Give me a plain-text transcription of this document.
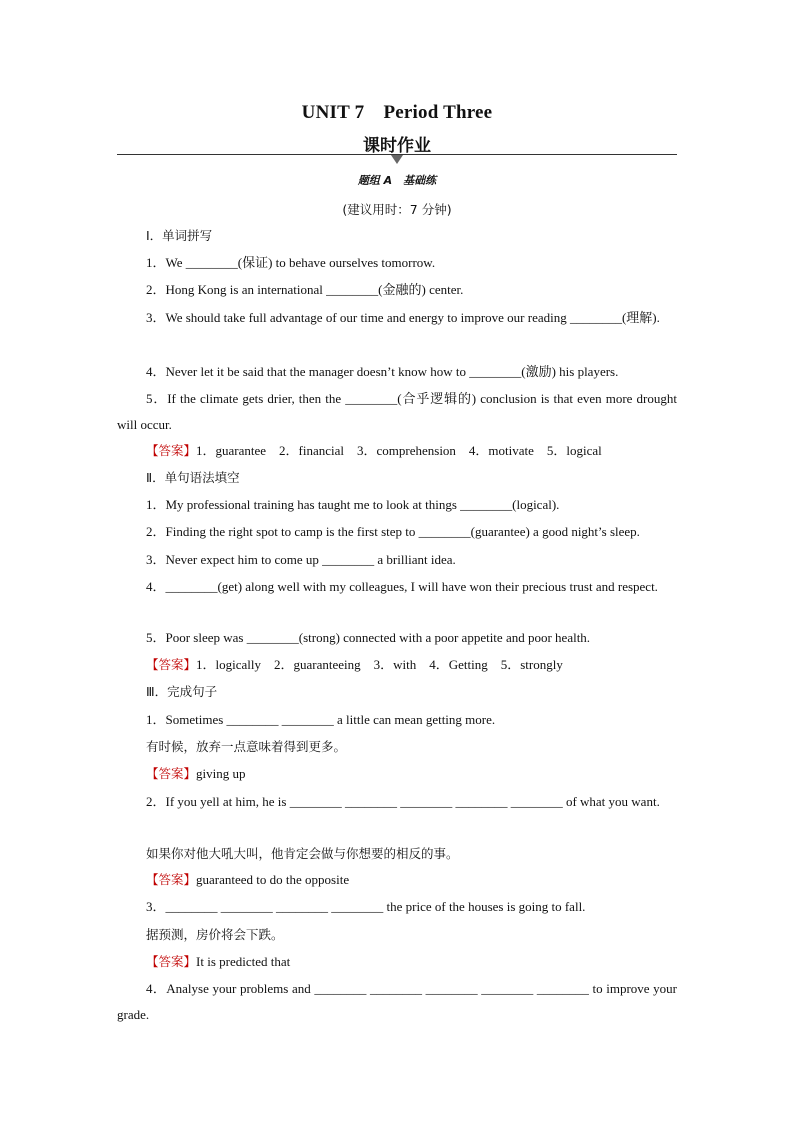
UNIT 7　Period Three
课时作业
题组 A　基础练
(建议用时：7 分钟)
Ⅰ．单词拼写
1．We ________(保证) to behave ourselves tomorrow.
2．Hong Kong is an international ________(金融的) center.
3．We should take full advantage of our time and energy to improve our reading ________(理解).
4．Never let it be said that the manager doesn’t know how to ________(激励) his players.
5．If the climate gets drier, then the ________(合乎逻辑的) conclusion is that even more drought will occur.
【答案】1．guarantee　2．financial　3．comprehension　4．motivate　5．logical
Ⅱ．单句语法填空
1．My professional training has taught me to look at things ________(logical).
2．Finding the right spot to camp is the first step to ________(guarantee) a good night’s sleep.
3．Never expect him to come up ________ a brilliant idea.
4．________(get) along well with my colleagues, I will have won their precious trust and respect.
5．Poor sleep was ________(strong) connected with a poor appetite and poor health.
【答案】1．logically　2．guaranteeing　3．with　4．Getting　5．strongly
Ⅲ．完成句子
1．Sometimes ________ ________ a little can mean getting more.
有时候，放弃一点意味着得到更多。
【答案】giving up
2．If you yell at him, he is ________ ________ ________ ________ ________ of what you want.
如果你对他大吼大叫，他肯定会做与你想要的相反的事。
【答案】guaranteed to do the opposite
3．________ ________ ________ ________ the price of the houses is going to fall.
据预测，房价将会下跌。
【答案】It is predicted that
4．Analyse your problems and ________ ________ ________ ________ ________ to improve your grade.
